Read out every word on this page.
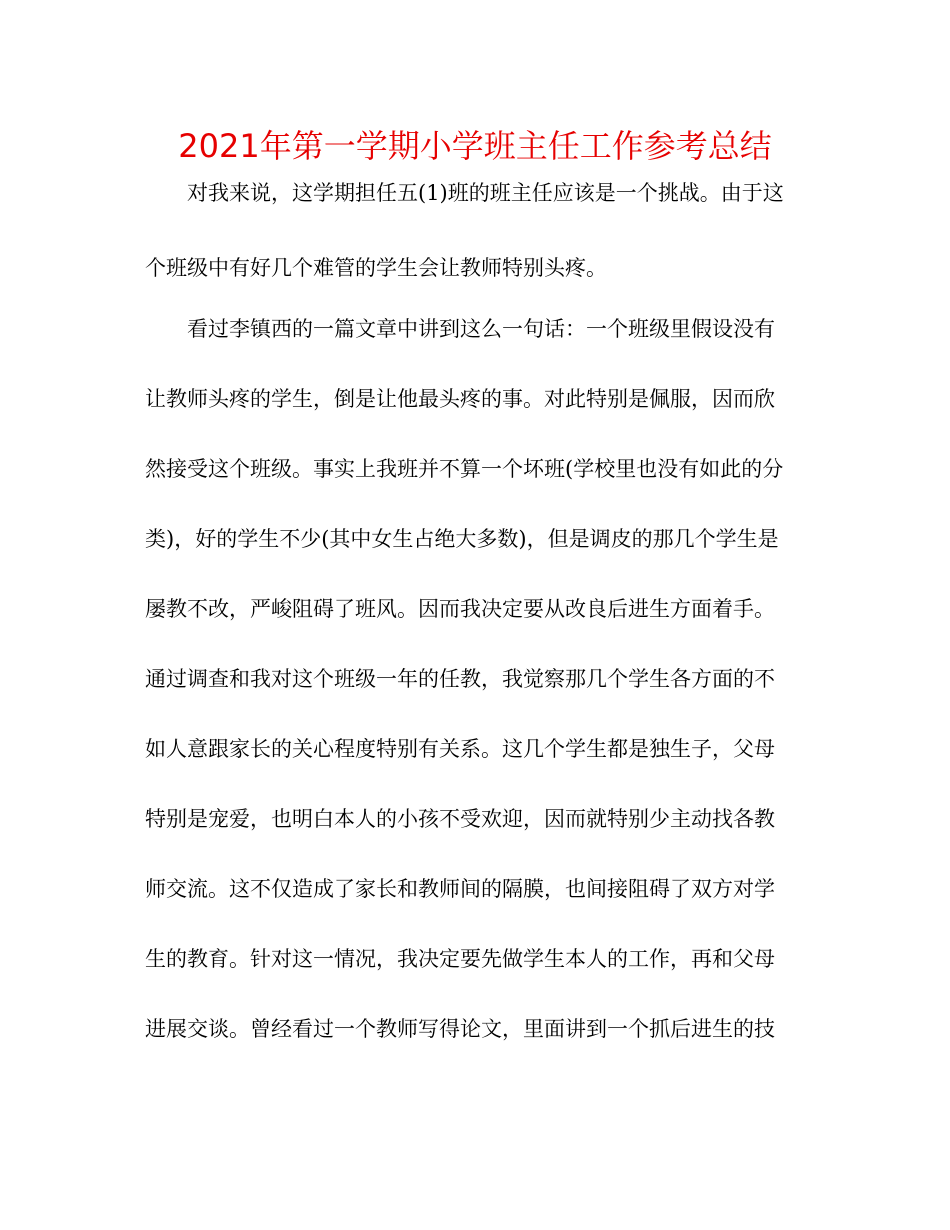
2021年第一学期小学班主任工作参考总结
对我来说，这学期担任五(1)班的班主任应该是一个挑战。由于这
个班级中有好几个难管的学生会让教师特别头疼。
看过李镇西的一篇文章中讲到这么一句话：一个班级里假设没有
让教师头疼的学生，倒是让他最头疼的事。对此特别是佩服，因而欣
然接受这个班级。事实上我班并不算一个坏班(学校里也没有如此的分
类)，好的学生不少(其中女生占绝大多数)，但是调皮的那几个学生是
屡教不改，严峻阻碍了班风。因而我决定要从改良后进生方面着手。
通过调查和我对这个班级一年的任教，我觉察那几个学生各方面的不
如人意跟家长的关心程度特别有关系。这几个学生都是独生子，父母
特别是宠爱，也明白本人的小孩不受欢迎，因而就特别少主动找各教
师交流。这不仅造成了家长和教师间的隔膜，也间接阻碍了双方对学
生的教育。针对这一情况，我决定要先做学生本人的工作，再和父母
进展交谈。曾经看过一个教师写得论文，里面讲到一个抓后进生的技
